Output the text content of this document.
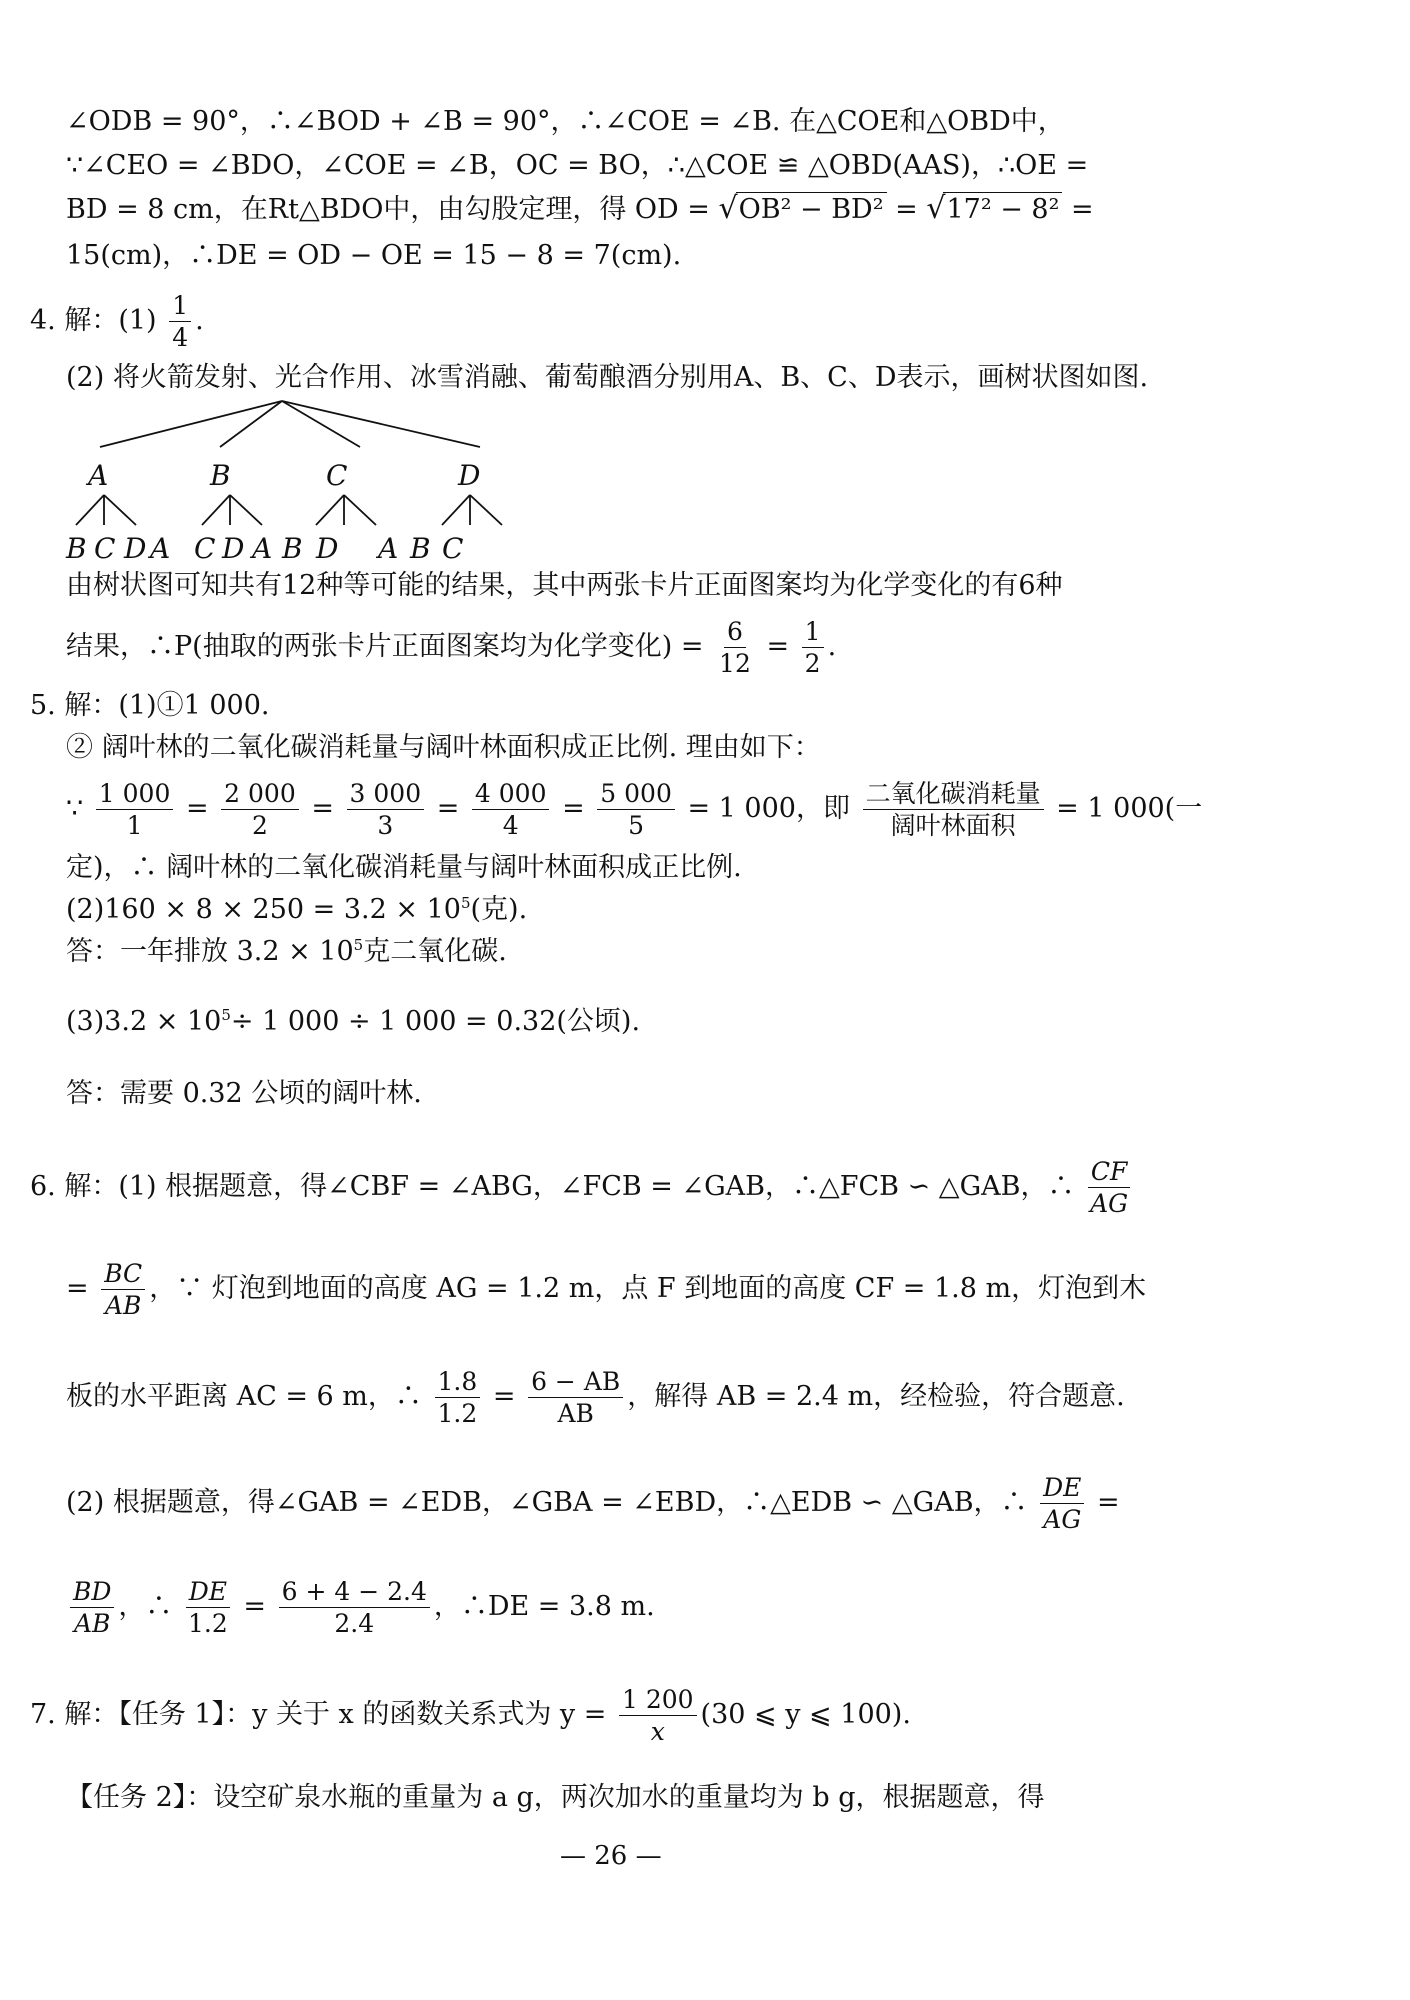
∠ODB = 90°，∴∠BOD + ∠B = 90°，∴∠COE = ∠B. 在△COE和△OBD中，
∵∠CEO = ∠BDO，∠COE = ∠B，OC = BO，∴△COE ≌ △OBD(AAS)，∴OE =
BD = 8 cm，在Rt△BDO中，由勾股定理，得 OD = √OB² − BD² = √17² − 8² =
15(cm)，∴DE = OD − OE = 15 − 8 = 7(cm).
4. 解：$(1) \frac{1}{4}$ .
(2) 将火箭发射、光合作用、冰雪消融、葡萄酿酒分别用A、B、C、D表示，画树状图如图.
A	B	C	D
B C D A C D A B D A B C
由树状图可知共有12种等可能的结果，其中两张卡片正面图案均为化学变化的有6种
结果，∴P(抽取的两张卡片正面图案均为化学变化) = $\frac{6}{12} = \frac{1}{2}$ .
5. 解：(1)①1 000.
② 阔叶林的二氧化碳消耗量与阔叶林面积成正比例. 理由如下：
∵ $\frac{1 000}{1} = \frac{2 000}{2} = \frac{3 000}{3} = \frac{4 000}{4} = \frac{5 000}{5} = 1$ 000，即 $\frac{\text{二氧化碳消耗量}}{\text{阔叶林面积}} = 1$ 000(一
定)，∴ 阔叶林的二氧化碳消耗量与阔叶林面积成正比例.
$(2)160 \times 8 \times 250 = 3.2 \times 10^5$(克).
答：一年排放 $3.2 \times 10^5$克二氧化碳.
$(3)3.2 \times 10^5\div 1$ 000 ÷ 1 000 = 0.32(公顷).
答：需要 0.32 公顷的阔叶林.
6. 解：(1) 根据题意，得∠CBF = ∠ABG，∠FCB = ∠GAB，∴△FCB ∽ △GAB，∴ $\frac{CF}{AG}$
= $\frac{BC}{AB}$ ，∵ 灯泡到地面的高度 AG = 1.2 m，点 F 到地面的高度 CF = 1.8 m，灯泡到木
板的水平距离 AC = 6 m，∴ $\frac{1.8}{1.2} = \frac{6 - AB}{AB}$ ，解得 AB = 2.4 m，经检验，符合题意.
(2) 根据题意，得∠GAB = ∠EDB，∠GBA = ∠EBD，∴△EDB ∽ △GAB，∴ $\frac{DE}{AG}$ =
$\frac{BD}{AB}$ ，∴ $\frac{DE}{1.2} = \frac{6 + 4 - 2.4}{2.4}$ ，∴DE = 3.8 m.
7. 解：【任务 1】：y 关于 x 的函数关系式为 $y = \frac{1 200}{x} (30$ ⩽ y ⩽ 100).
【任务 2】：设空矿泉水瓶的重量为 a g，两次加水的重量均为 b g，根据题意，得
— 26 —
